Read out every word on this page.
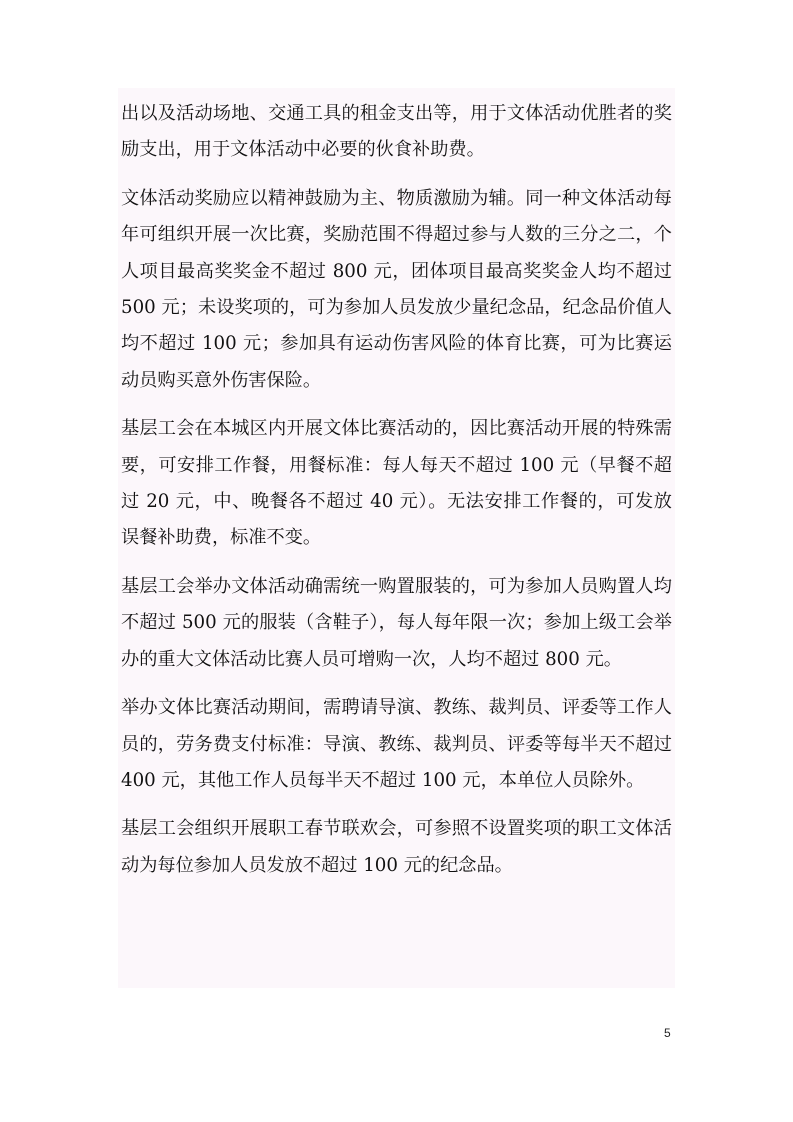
出以及活动场地、交通工具的租金支出等，用于文体活动优胜者的奖励支出，用于文体活动中必要的伙食补助费。

文体活动奖励应以精神鼓励为主、物质激励为辅。同一种文体活动每年可组织开展一次比赛，奖励范围不得超过参与人数的三分之二，个人项目最高奖奖金不超过 800 元，团体项目最高奖奖金人均不超过 500 元；未设奖项的，可为参加人员发放少量纪念品，纪念品价值人均不超过 100 元；参加具有运动伤害风险的体育比赛，可为比赛运动员购买意外伤害保险。

基层工会在本城区内开展文体比赛活动的，因比赛活动开展的特殊需要，可安排工作餐，用餐标准：每人每天不超过 100 元（早餐不超过 20 元，中、晚餐各不超过 40 元）。无法安排工作餐的，可发放误餐补助费，标准不变。

基层工会举办文体活动确需统一购置服装的，可为参加人员购置人均不超过 500 元的服装（含鞋子），每人每年限一次；参加上级工会举办的重大文体活动比赛人员可增购一次，人均不超过 800 元。

举办文体比赛活动期间，需聘请导演、教练、裁判员、评委等工作人员的，劳务费支付标准：导演、教练、裁判员、评委等每半天不超过 400 元，其他工作人员每半天不超过 100 元，本单位人员除外。

基层工会组织开展职工春节联欢会，可参照不设置奖项的职工文体活动为每位参加人员发放不超过 100 元的纪念品。

5
